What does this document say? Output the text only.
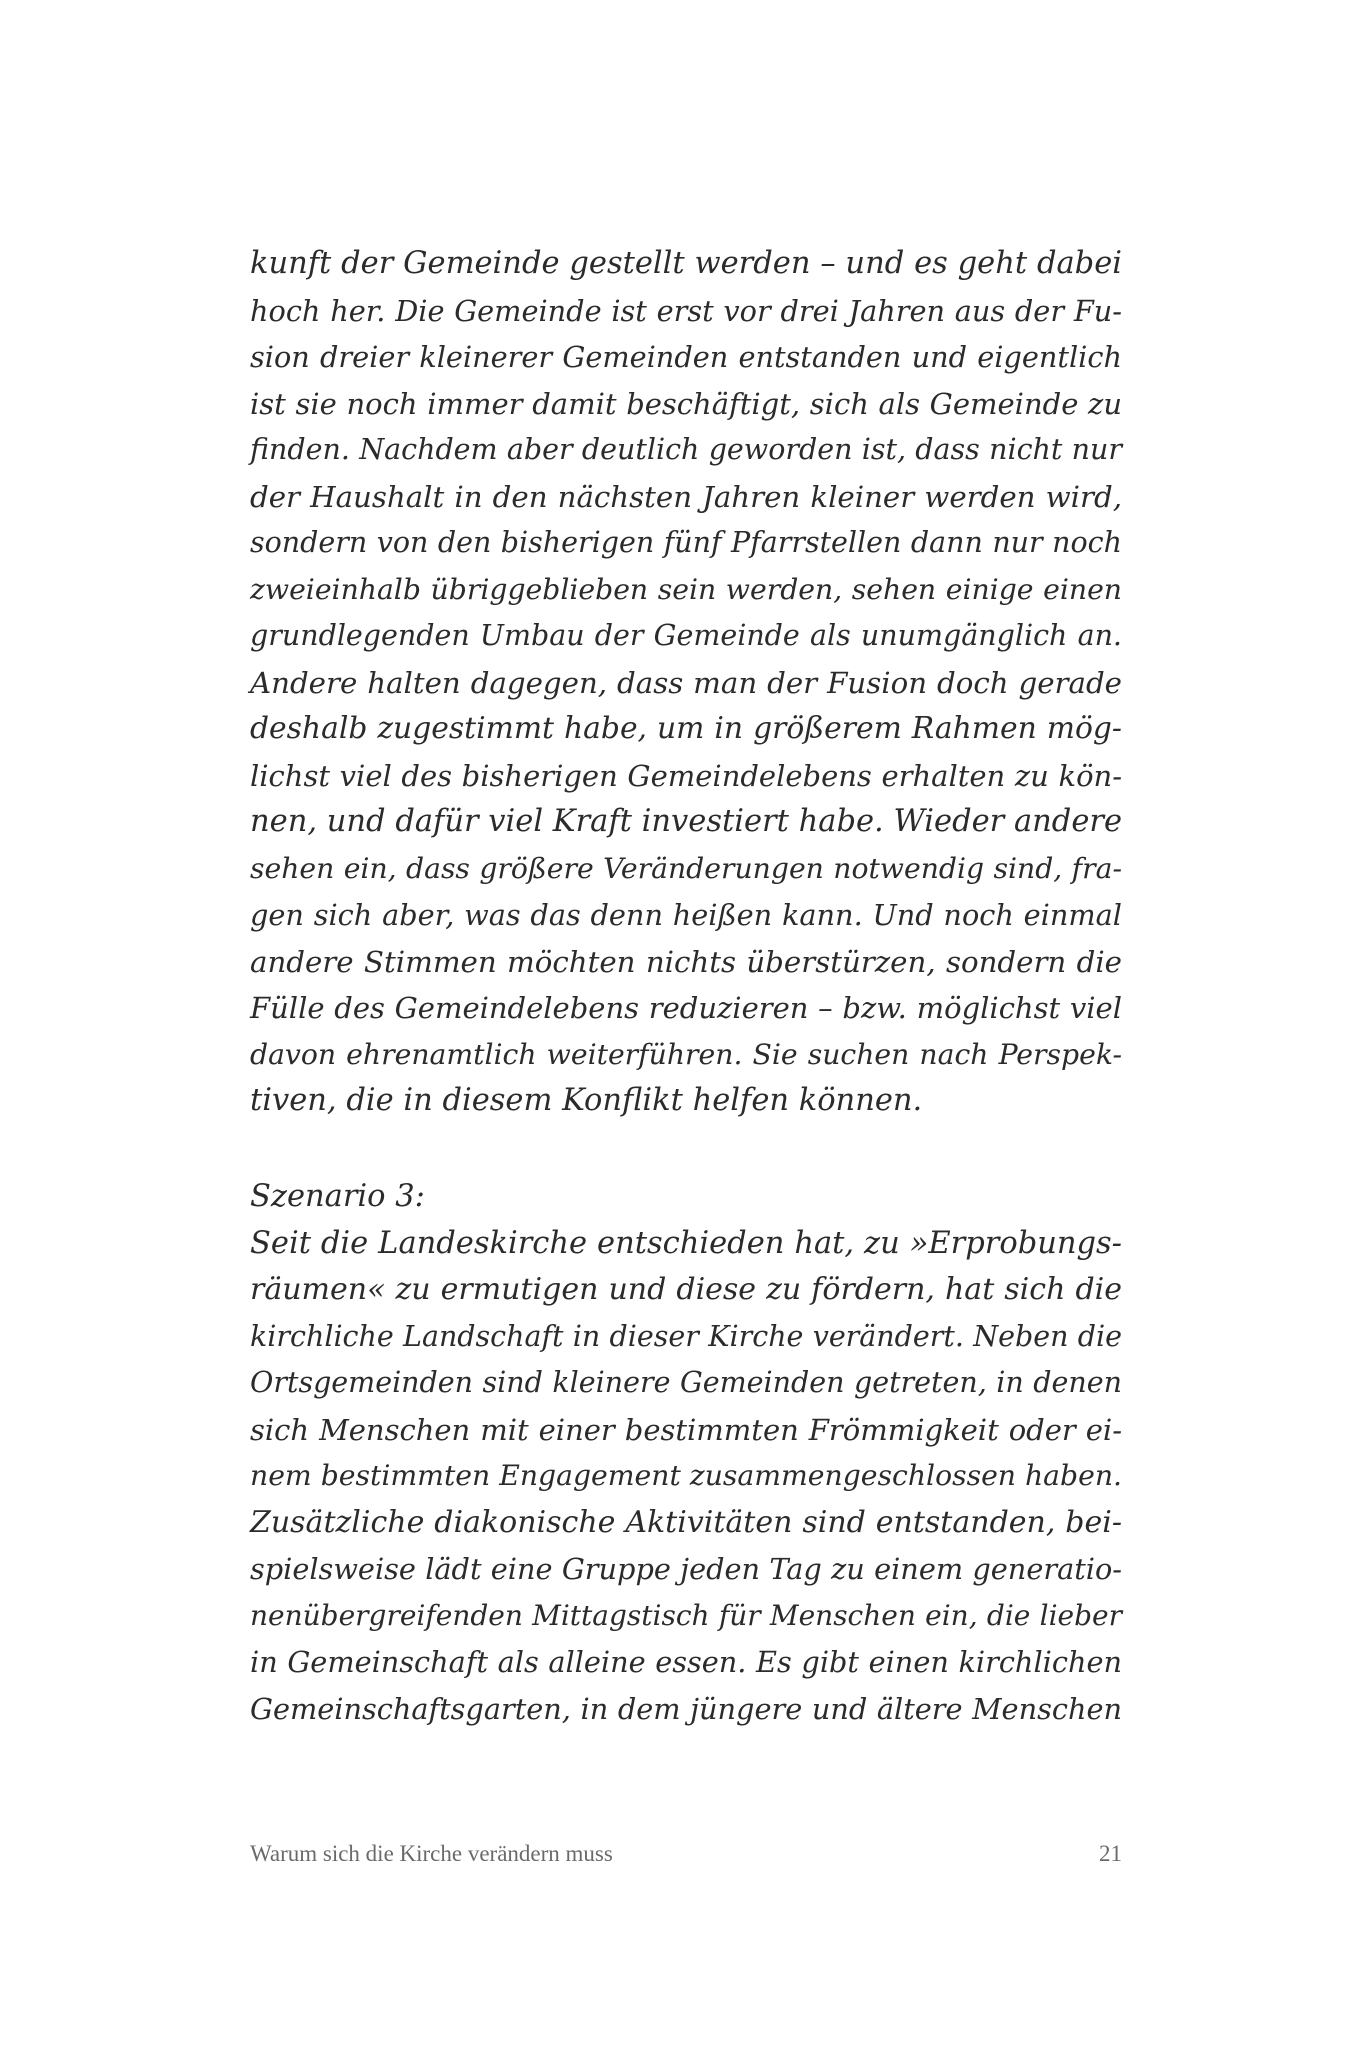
kunft der Gemeinde gestellt werden – und es geht dabei
hoch her. Die Gemeinde ist erst vor drei Jahren aus der Fu-
sion dreier kleinerer Gemeinden entstanden und eigentlich
ist sie noch immer damit beschäftigt, sich als Gemeinde zu
finden. Nachdem aber deutlich geworden ist, dass nicht nur
der Haushalt in den nächsten Jahren kleiner werden wird,
sondern von den bisherigen fünf Pfarrstellen dann nur noch
zweieinhalb übriggeblieben sein werden, sehen einige einen
grundlegenden Umbau der Gemeinde als unumgänglich an.
Andere halten dagegen, dass man der Fusion doch gerade
deshalb zugestimmt habe, um in größerem Rahmen mög-
lichst viel des bisherigen Gemeindelebens erhalten zu kön-
nen, und dafür viel Kraft investiert habe. Wieder andere
sehen ein, dass größere Veränderungen notwendig sind, fra-
gen sich aber, was das denn heißen kann. Und noch einmal
andere Stimmen möchten nichts überstürzen, sondern die
Fülle des Gemeindelebens reduzieren – bzw. möglichst viel
davon ehrenamtlich weiterführen. Sie suchen nach Perspek-
tiven, die in diesem Konflikt helfen können.
Szenario 3:
Seit die Landeskirche entschieden hat, zu »Erprobungs-
räumen« zu ermutigen und diese zu fördern, hat sich die
kirchliche Landschaft in dieser Kirche verändert. Neben die
Ortsgemeinden sind kleinere Gemeinden getreten, in denen
sich Menschen mit einer bestimmten Frömmigkeit oder ei-
nem bestimmten Engagement zusammengeschlossen haben.
Zusätzliche diakonische Aktivitäten sind entstanden, bei-
spielsweise lädt eine Gruppe jeden Tag zu einem generatio-
nenübergreifenden Mittagstisch für Menschen ein, die lieber
in Gemeinschaft als alleine essen. Es gibt einen kirchlichen
Gemeinschaftsgarten, in dem jüngere und ältere Menschen
Warum sich die Kirche verändern muss	21
